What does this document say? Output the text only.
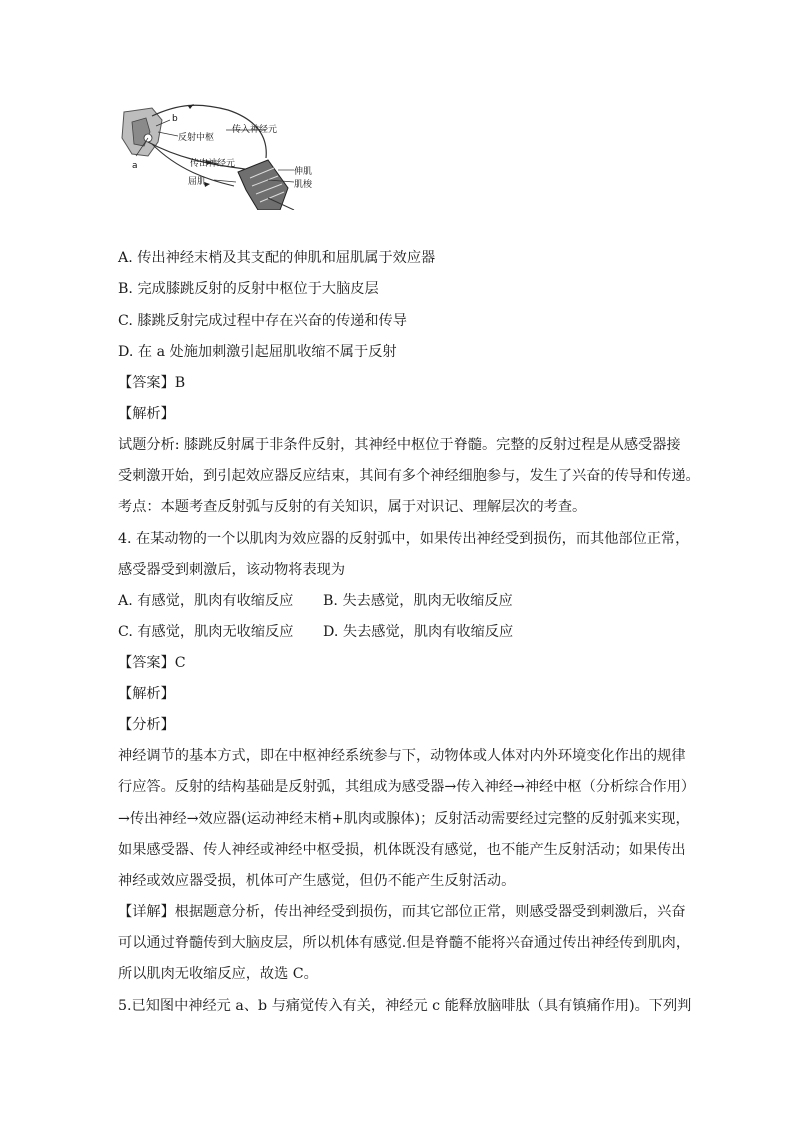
b
a
反射中枢
传入神经元
传出神经元
伸肌
肌梭
屈肌
A. 传出神经末梢及其支配的伸肌和屈肌属于效应器
B. 完成膝跳反射的反射中枢位于大脑皮层
C. 膝跳反射完成过程中存在兴奋的传递和传导
D. 在 a 处施加刺激引起屈肌收缩不属于反射
【答案】B
【解析】
试题分析: 膝跳反射属于非条件反射，其神经中枢位于脊髓。完整的反射过程是从感受器接
受刺激开始，到引起效应器反应结束，其间有多个神经细胞参与，发生了兴奋的传导和传递。
考点：本题考查反射弧与反射的有关知识，属于对识记、理解层次的考查。
4. 在某动物的一个以肌肉为效应器的反射弧中，如果传出神经受到损伤，而其他部位正常，
感受器受到刺激后，该动物将表现为
A. 有感觉，肌肉有收缩反应 B. 失去感觉，肌肉无收缩反应
C. 有感觉，肌肉无收缩反应 D. 失去感觉，肌肉有收缩反应
【答案】C
【解析】
【分析】
神经调节的基本方式，即在中枢神经系统参与下，动物体或人体对内外环境变化作出的规律
行应答。反射的结构基础是反射弧，其组成为感受器→传入神经→神经中枢（分析综合作用）
→传出神经→效应器(运动神经末梢+肌肉或腺体)；反射活动需要经过完整的反射弧来实现，
如果感受器、传人神经或神经中枢受损，机体既没有感觉，也不能产生反射活动；如果传出
神经或效应器受损，机体可产生感觉，但仍不能产生反射活动。
【详解】根据题意分析，传出神经受到损伤，而其它部位正常，则感受器受到刺激后，兴奋
可以通过脊髓传到大脑皮层，所以机体有感觉.但是脊髓不能将兴奋通过传出神经传到肌肉，
所以肌肉无收缩反应，故选 C。
5.已知图中神经元 a、b 与痛觉传入有关，神经元 c 能释放脑啡肽（具有镇痛作用)。下列判
